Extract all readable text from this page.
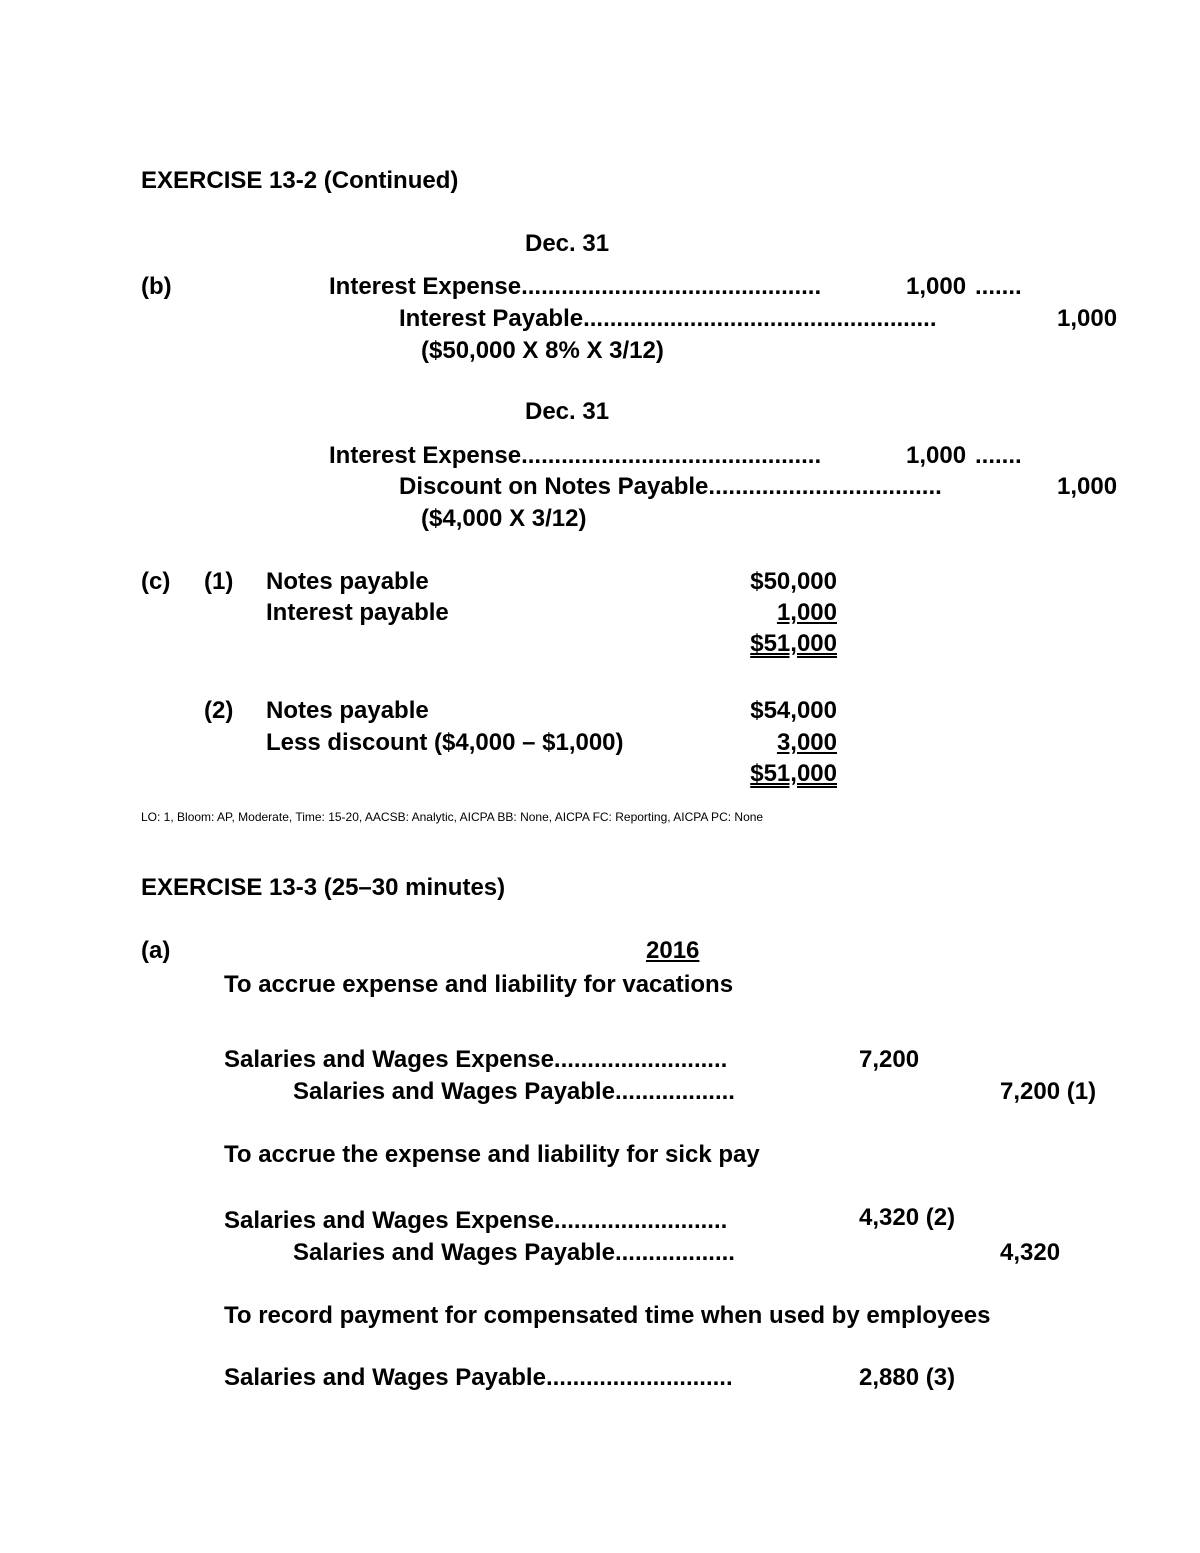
EXERCISE 13-2 (Continued)
Dec. 31
(b)	Interest Expense.............................................	1,000 .......
Interest Payable.....................................................	1,000
($50,000 X 8% X 3/12)
Dec. 31
Interest Expense.............................................	1,000 .......
Discount on Notes Payable...................................	1,000
($4,000 X 3/12)
(c) (1) Notes payable	$50,000
Interest payable	1,000
$51,000
(2) Notes payable	$54,000
Less discount ($4,000 – $1,000)	3,000
$51,000
LO: 1, Bloom: AP, Moderate, Time: 15-20, AACSB: Analytic, AICPA BB: None, AICPA FC: Reporting, AICPA PC: None
EXERCISE 13-3 (25–30 minutes)
(a)	2016
To accrue expense and liability for vacations
Salaries and Wages Expense..........................	7,200
Salaries and Wages Payable..................	7,200 (1)
To accrue the expense and liability for sick pay
Salaries and Wages Expense..........................	4,320 (2)
Salaries and Wages Payable..................	4,320
To record payment for compensated time when used by employees
Salaries and Wages Payable............................	2,880 (3)
